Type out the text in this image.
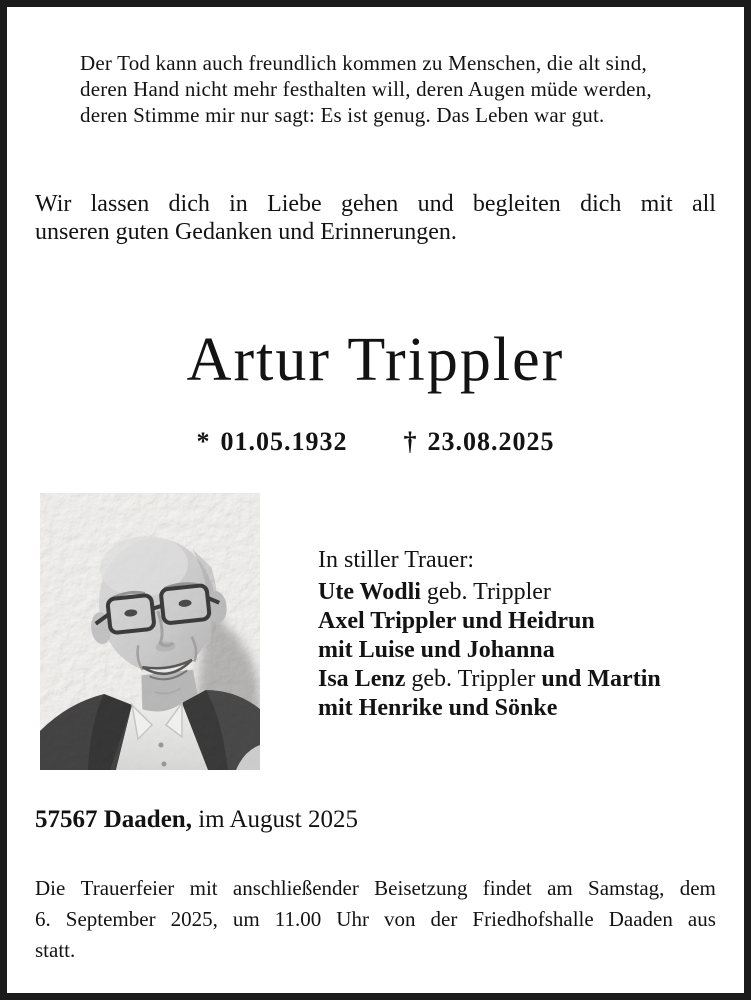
Der Tod kann auch freundlich kommen zu Menschen, die alt sind,
deren Hand nicht mehr festhalten will, deren Augen müde werden,
deren Stimme mir nur sagt: Es ist genug. Das Leben war gut.
Wir lassen dich in Liebe gehen und begleiten dich mit all
unseren guten Gedanken und Erinnerungen.
Artur Trippler
* 01.05.1932 † 23.08.2025
In stiller Trauer:
Ute Wodli geb. Trippler
Axel Trippler und Heidrun
mit Luise und Johanna
Isa Lenz geb. Trippler und Martin
mit Henrike und Sönke
57567 Daaden, im August 2025
Die Trauerfeier mit anschließender Beisetzung findet am Samstag, dem
6. September 2025, um 11.00 Uhr von der Friedhofshalle Daaden aus
statt.
